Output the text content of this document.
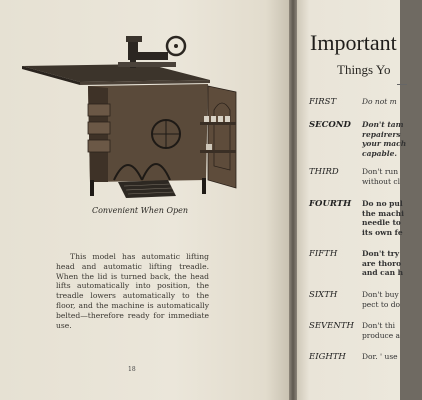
Convenient When Open

This model has automatic lifting head and automatic lifting treadle. When the lid is turned back, the head lifts automatically into position, the treadle lowers automatically to the floor, and the machine is automatically belted—therefore ready for immediate use.

18
Important
Things Yo
FIRST	Do not m
SECOND Don't tam
repairers
your mach
capable.
THIRD	Don't run
without cl
FOURTH Do no pul
the machi
needle to
its own fe
FIFTH	Don't try
are thoro
and can h
SIXTH	Don't buy
pect to do
SEVENTH Don't thi
produce a
EIGHTH Dor. ' use
